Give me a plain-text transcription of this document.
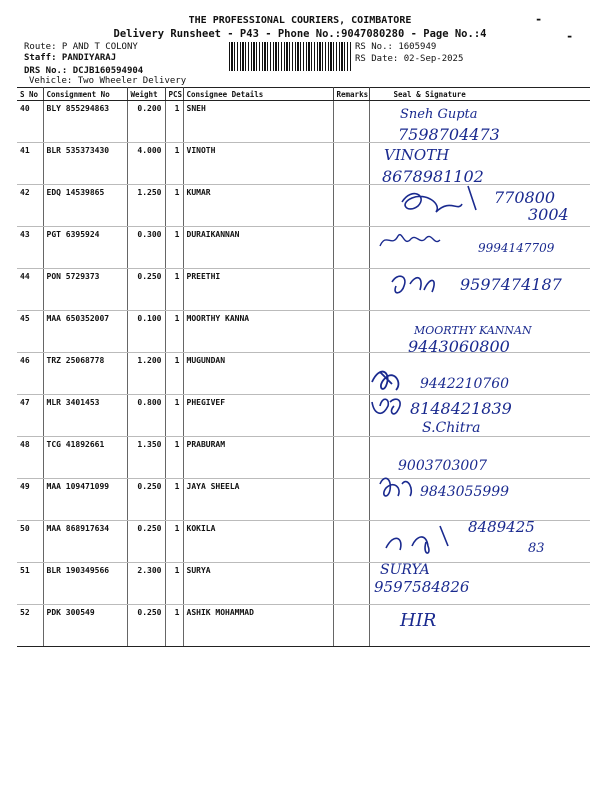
THE PROFESSIONAL COURIERS, COIMBATORE
Delivery Runsheet - P43 - Phone No.:9047080280 - Page No.:4
-
-
Route: P AND T COLONY
Staff: PANDIYARAJ
DRS No.: DCJB160594904
Vehicle: Two Wheeler Delivery
RS No.: 1605949
RS Date: 02-Sep-2025
S No	Consignment No	Weight	PCS	Consignee Details	Remarks	Seal & Signature
40	BLY 855294863	0.200	1	SNEH		
41	BLR 535373430	4.000	1	VINOTH		
42	EDQ 14539865	1.250	1	KUMAR		
43	PGT 6395924	0.300	1	DURAIKANNAN		
44	PON 5729373	0.250	1	PREETHI		
45	MAA 650352007	0.100	1	MOORTHY KANNA		
46	TRZ 25068778	1.200	1	MUGUNDAN		
47	MLR 3401453	0.800	1	PHEGIVEF		
48	TCG 41892661	1.350	1	PRABURAM		
49	MAA 109471099	0.250	1	JAYA SHEELA		
50	MAA 868917634	0.250	1	KOKILA		
51	BLR 190349566	2.300	1	SURYA		
52	PDK 300549	0.250	1	ASHIK MOHAMMAD		
Sneh Gupta
7598704473
VINOTH
8678981102
770800
3004
9994147709
9597474187
MOORTHY KANNAN
9443060800
9442210760
8148421839
S.Chitra
9003703007
9843055999
8489425
83
SURYA
9597584826
HIR
